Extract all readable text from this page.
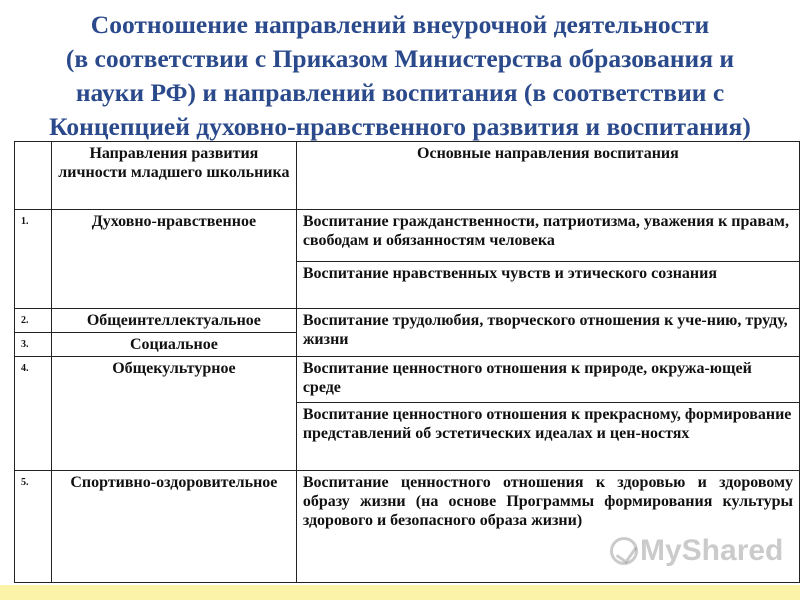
Соотношение направлений внеурочной деятельности
(в соответствии с Приказом Министерства образования и
науки РФ) и направлений воспитания (в соответствии с
Концепцией духовно-нравственного развития и воспитания)
	Направления развития личности младшего школьника	Основные направления воспитания
1.	Духовно-нравственное	Воспитание гражданственности, патриотизма, уважения к правам, свободам и обязанностям человека
		Воспитание нравственных чувств и этического сознания
2.	Общеинтеллектуальное	Воспитание трудолюбия, творческого отношения к уче-нию, труду, жизни
3.	Социальное	
4.	Общекультурное	Воспитание ценностного отношения к природе, окружа-ющей среде
		Воспитание ценностного отношения к прекрасному, формирование представлений об эстетических идеалах и цен-ностях
5.	Спортивно-оздоровительное	Воспитание ценностного отношения к здоровью и здоровому образу жизни (на основе Программы формирования культуры здорового и безопасного образа жизни)
MyShared
